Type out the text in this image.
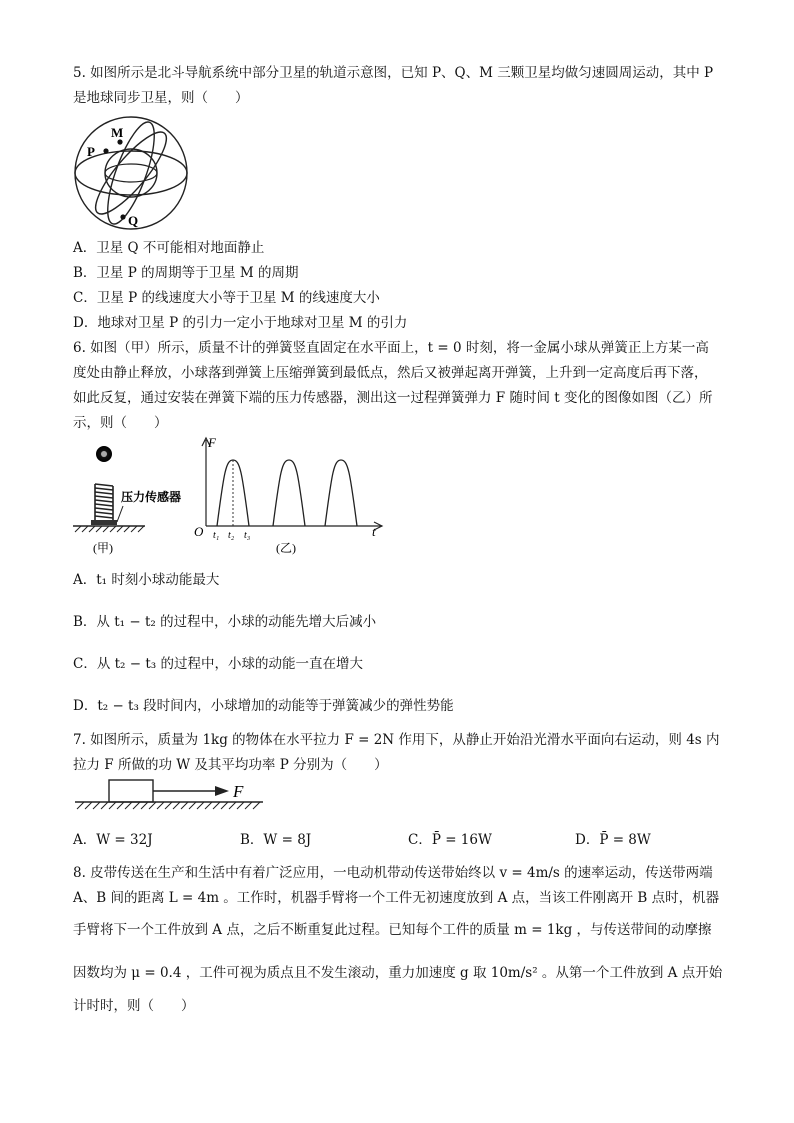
5. 如图所示是北斗导航系统中部分卫星的轨道示意图，已知 P、Q、M 三颗卫星均做匀速圆周运动，其中 P
是地球同步卫星，则（　　）
M
P
Q
A．卫星 Q 不可能相对地面静止
B．卫星 P 的周期等于卫星 M 的周期
C．卫星 P 的线速度大小等于卫星 M 的线速度大小
D．地球对卫星 P 的引力一定小于地球对卫星 M 的引力
6. 如图（甲）所示，质量不计的弹簧竖直固定在水平面上，t = 0 时刻，将一金属小球从弹簧正上方某一高
度处由静止释放，小球落到弹簧上压缩弹簧到最低点，然后又被弹起离开弹簧，上升到一定高度后再下落，
如此反复，通过安装在弹簧下端的压力传感器，测出这一过程弹簧弹力 F 随时间 t 变化的图像如图（乙）所
示，则（　　）
压力传感器
(甲)
F
t
O t₁ t₂ t₃
(乙)
A．t₁ 时刻小球动能最大
B．从 t₁ − t₂ 的过程中，小球的动能先增大后减小
C．从 t₂ − t₃ 的过程中，小球的动能一直在增大
D．t₂ − t₃ 段时间内，小球增加的动能等于弹簧减少的弹性势能
7. 如图所示，质量为 1kg 的物体在水平拉力 F = 2N 作用下，从静止开始沿光滑水平面向右运动，则 4s 内
拉力 F 所做的功 W 及其平均功率 P 分别为（　　）
F
A．W = 32J	B．W = 8J	C．P̄ = 16W	D．P̄ = 8W
8. 皮带传送在生产和生活中有着广泛应用，一电动机带动传送带始终以 v = 4m/s 的速率运动，传送带两端
A、B 间的距离 L = 4m 。工作时，机器手臂将一个工件无初速度放到 A 点，当该工件刚离开 B 点时，机器
手臂将下一个工件放到 A 点，之后不断重复此过程。已知每个工件的质量 m = 1kg ，与传送带间的动摩擦
因数均为 μ = 0.4 ，工件可视为质点且不发生滚动，重力加速度 g 取 10m/s² 。从第一个工件放到 A 点开始
计时时，则（　　）
